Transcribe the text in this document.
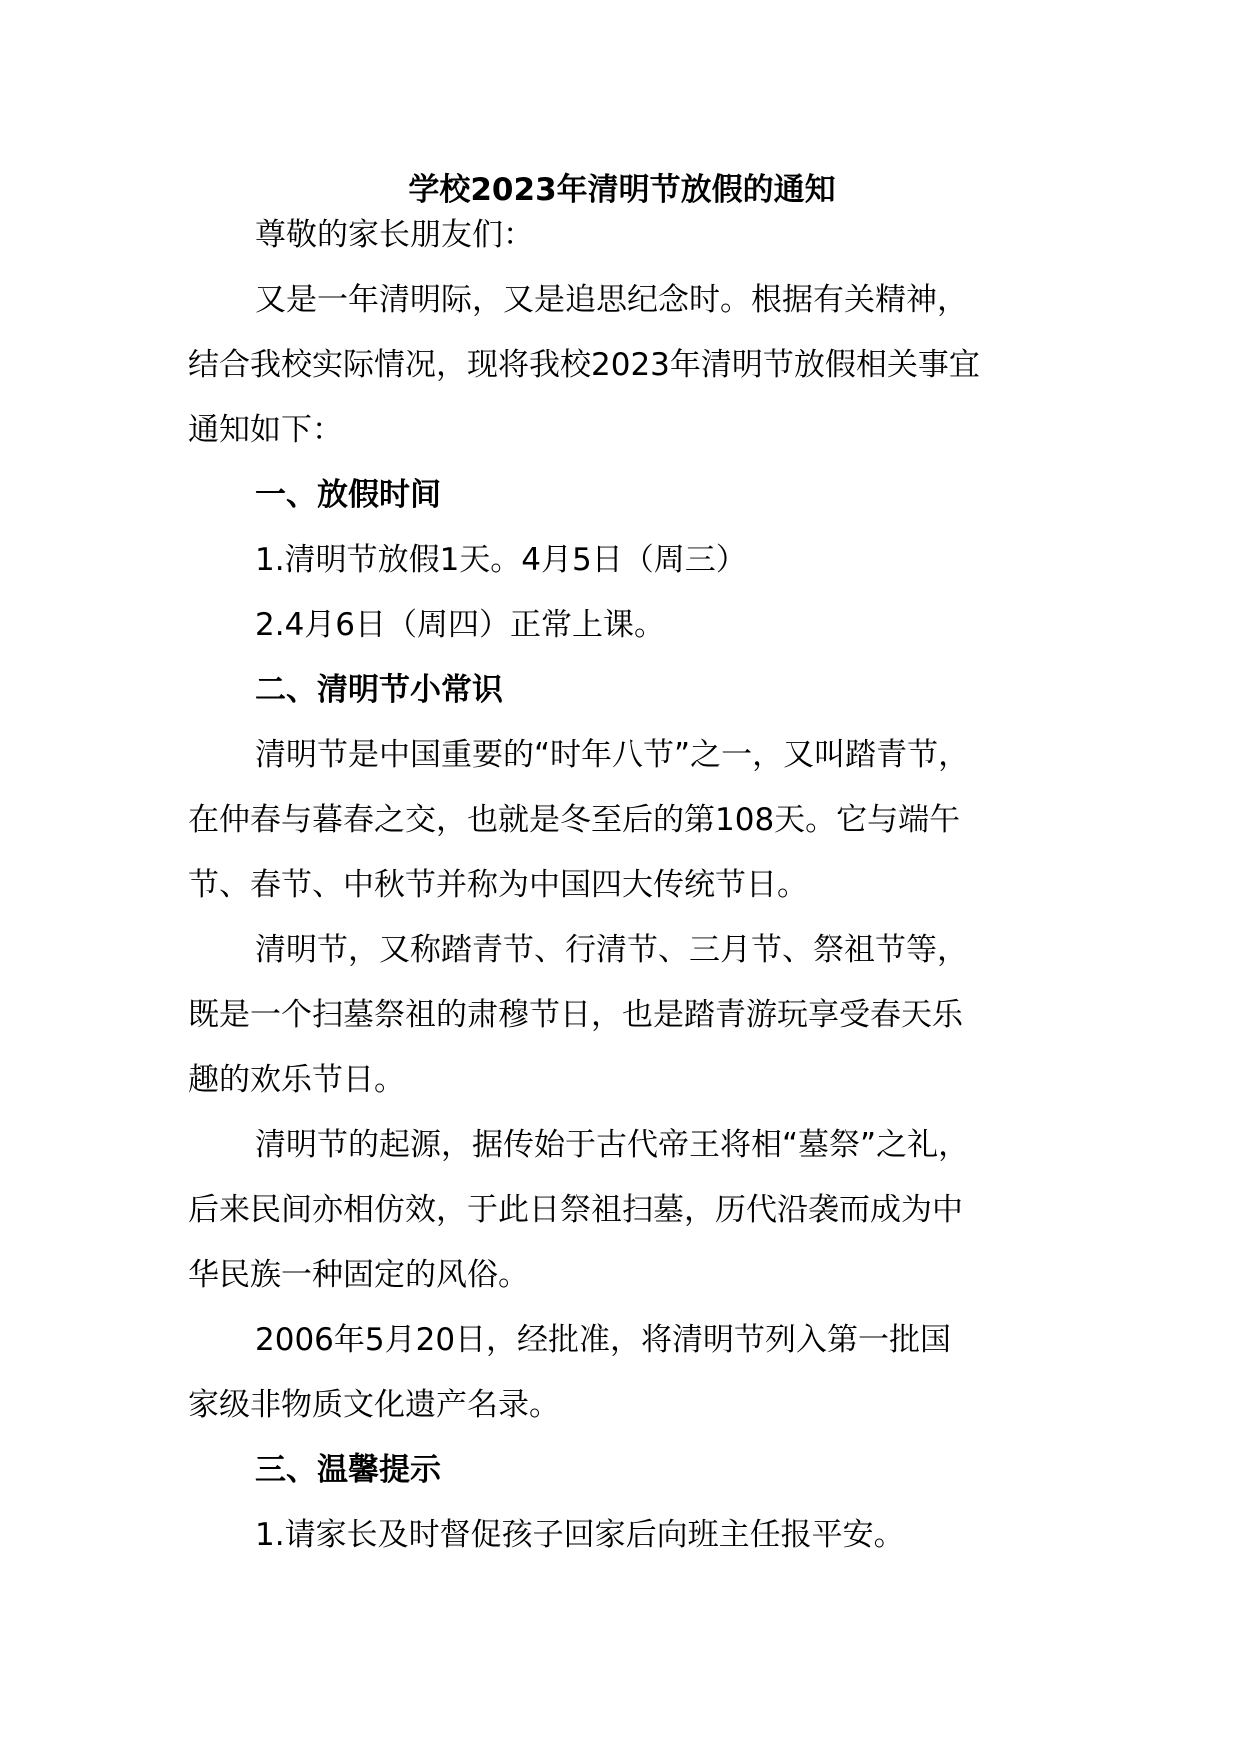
学校2023年清明节放假的通知
尊敬的家长朋友们：
又是一年清明际，又是追思纪念时。根据有关精神，
结合我校实际情况，现将我校2023年清明节放假相关事宜
通知如下：
一、放假时间
1.清明节放假1天。4月5日（周三）
2.4月6日（周四）正常上课。
二、清明节小常识
清明节是中国重要的“时年八节”之一，又叫踏青节，
在仲春与暮春之交，也就是冬至后的第108天。它与端午
节、春节、中秋节并称为中国四大传统节日。
清明节，又称踏青节、行清节、三月节、祭祖节等，
既是一个扫墓祭祖的肃穆节日，也是踏青游玩享受春天乐
趣的欢乐节日。
清明节的起源，据传始于古代帝王将相“墓祭”之礼，
后来民间亦相仿效，于此日祭祖扫墓，历代沿袭而成为中
华民族一种固定的风俗。
2006年5月20日，经批准，将清明节列入第一批国
家级非物质文化遗产名录。
三、温馨提示
1.请家长及时督促孩子回家后向班主任报平安。
